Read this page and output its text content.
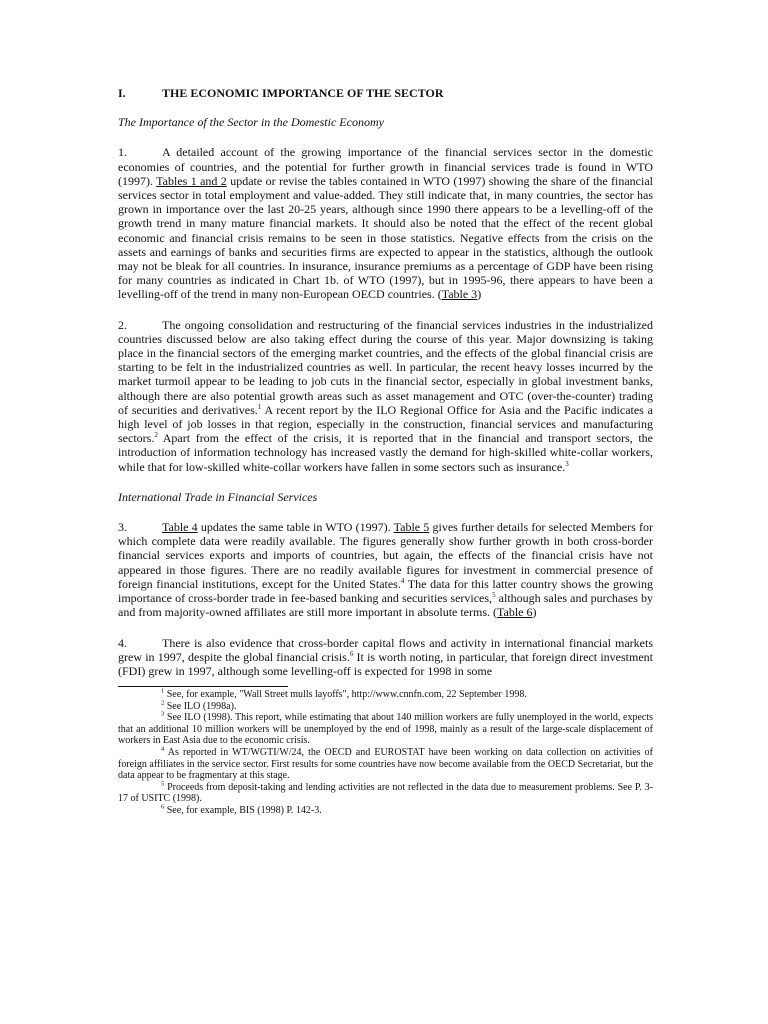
I.	THE ECONOMIC IMPORTANCE OF THE SECTOR
The Importance of the Sector in the Domestic Economy

1.	A detailed account of the growing importance of the financial services sector in the domestic economies of countries, and the potential for further growth in financial services trade is found in WTO (1997). Tables 1 and 2 update or revise the tables contained in WTO (1997) showing the share of the financial services sector in total employment and value-added. They still indicate that, in many countries, the sector has grown in importance over the last 20-25 years, although since 1990 there appears to be a levelling-off of the growth trend in many mature financial markets. It should also be noted that the effect of the recent global economic and financial crisis remains to be seen in those statistics. Negative effects from the crisis on the assets and earnings of banks and securities firms are expected to appear in the statistics, although the outlook may not be bleak for all countries. In insurance, insurance premiums as a percentage of GDP have been rising for many countries as indicated in Chart 1b. of WTO (1997), but in 1995-96, there appears to have been a levelling-off of the trend in many non-European OECD countries. (Table 3)

2.	The ongoing consolidation and restructuring of the financial services industries in the industrialized countries discussed below are also taking effect during the course of this year. Major downsizing is taking place in the financial sectors of the emerging market countries, and the effects of the global financial crisis are starting to be felt in the industrialized countries as well. In particular, the recent heavy losses incurred by the market turmoil appear to be leading to job cuts in the financial sector, especially in global investment banks, although there are also potential growth areas such as asset management and OTC (over-the-counter) trading of securities and derivatives.$^1$ A recent report by the ILO Regional Office for Asia and the Pacific indicates a high level of job losses in that region, especially in the construction, financial services and manufacturing sectors.$^2$ Apart from the effect of the crisis, it is reported that in the financial and transport sectors, the introduction of information technology has increased vastly the demand for high-skilled white-collar workers, while that for low-skilled white-collar workers have fallen in some sectors such as insurance.$^3$

International Trade in Financial Services

3.	Table 4 updates the same table in WTO (1997). Table 5 gives further details for selected Members for which complete data were readily available. The figures generally show further growth in both cross-border financial services exports and imports of countries, but again, the effects of the financial crisis have not appeared in those figures. There are no readily available figures for investment in commercial presence of foreign financial institutions, except for the United States.$^4$ The data for this latter country shows the growing importance of cross-border trade in fee-based banking and securities services,$^5$ although sales and purchases by and from majority-owned affiliates are still more important in absolute terms. (Table 6)

4.	There is also evidence that cross-border capital flows and activity in international financial markets grew in 1997, despite the global financial crisis.$^6$ It is worth noting, in particular, that foreign direct investment (FDI) grew in 1997, although some levelling-off is expected for 1998 in some

$^1$ See, for example, "Wall Street mulls layoffs", http://www.cnnfn.com, 22 September 1998.

$^2$ See ILO (1998a).

$^3$ See ILO (1998). This report, while estimating that about 140 million workers are fully unemployed in the world, expects that an additional 10 million workers will be unemployed by the end of 1998, mainly as a result of the large-scale displacement of workers in East Asia due to the economic crisis.

$^4$ As reported in WT/WGTI/W/24, the OECD and EUROSTAT have been working on data collection on activities of foreign affiliates in the service sector. First results for some countries have now become available from the OECD Secretariat, but the data appear to be fragmentary at this stage.

$^5$ Proceeds from deposit-taking and lending activities are not reflected in the data due to measurement problems. See P. 3-17 of USITC (1998).

$^6$ See, for example, BIS (1998) P. 142-3.
